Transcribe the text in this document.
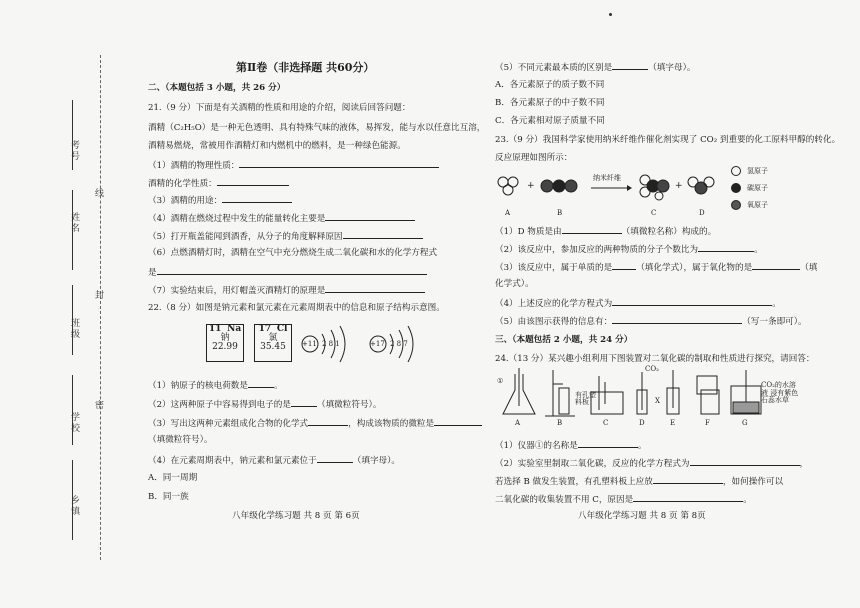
考号
姓名
线
班级
封
学校
密
乡镇
第Ⅱ卷（非选择题 共60分）
二、（本题包括 3 小题，共 26 分）
21.（9 分）下面是有关酒精的性质和用途的介绍，阅读后回答问题：
酒精（C₂H₅O）是一种无色透明、具有特殊气味的液体，易挥发，能与水以任意比互溶，
酒精易燃烧，常被用作酒精灯和内燃机中的燃料，是一种绿色能源。
（1）酒精的物理性质：
酒精的化学性质：
（3）酒精的用途：
（4）酒精在燃烧过程中发生的能量转化主要是
（5）打开瓶盖能闻到酒香，从分子的角度解释原因
（6）点燃酒精灯时，酒精在空气中充分燃烧生成二氧化碳和水的化学方程式
是
（7）实验结束后，用灯帽盖灭酒精灯的原理是
22.（8 分）如图是钠元素和氯元素在元素周期表中的信息和原子结构示意图。
11 Na
钠
22.99
17 Cl
氯
35.45	+11 2 8 1	+17 2 8 7
（1）钠原子的核电荷数是	。
（2）这两种原子中容易得到电子的是	（填微粒符号）。
（3）写出这两种元素组成化合物的化学式	，构成该物质的微粒是
（填微粒符号）。
（4）在元素周期表中，钠元素和氯元素位于	（填字母）。
A．同一周期
B．同一族
八年级化学练习题 共 8 页 第 6页
（5）不同元素最本质的区别是	（填字母）。
A．各元素原子的质子数不同
B．各元素原子的中子数不同
C．各元素相对原子质量不同
23.（9 分）我国科学家使用纳米纤维作催化剂实现了 CO₂ 到重要的化工原料甲醇的转化。
反应原理如图所示：
+	+
纳米纤维
A	B	C	D
氢原子
碳原子
氧原子
（1）D 物质是由	（填微粒名称）构成的。
（2）该反应中，参加反应的两种物质的分子个数比为	。
（3）该反应中，属于单质的是	（填化学式），属于氧化物的是	（填
化学式）。
（4）上述反应的化学方程式为	。
（5）由该图示获得的信息有：	（写一条即可）。
三、（本题包括 2 小题，共 24 分）
24.（13 分）某兴趣小组利用下图装置对二氧化碳的制取和性质进行探究，请回答：
①
有孔塑料板
CO₂
X
CO₂的水溶液 浸有紫色石蕊水草
A	B	C	D	E	F	G
（1）仪器①的名称是	。
（2）实验室里制取二氧化碳，反应的化学方程式为	，
若选择 B 做发生装置，有孔塑料板上应放	，如何操作可以
二氧化碳的收集装置不用 C，原因是	。
八年级化学练习题 共 8 页 第 8页
